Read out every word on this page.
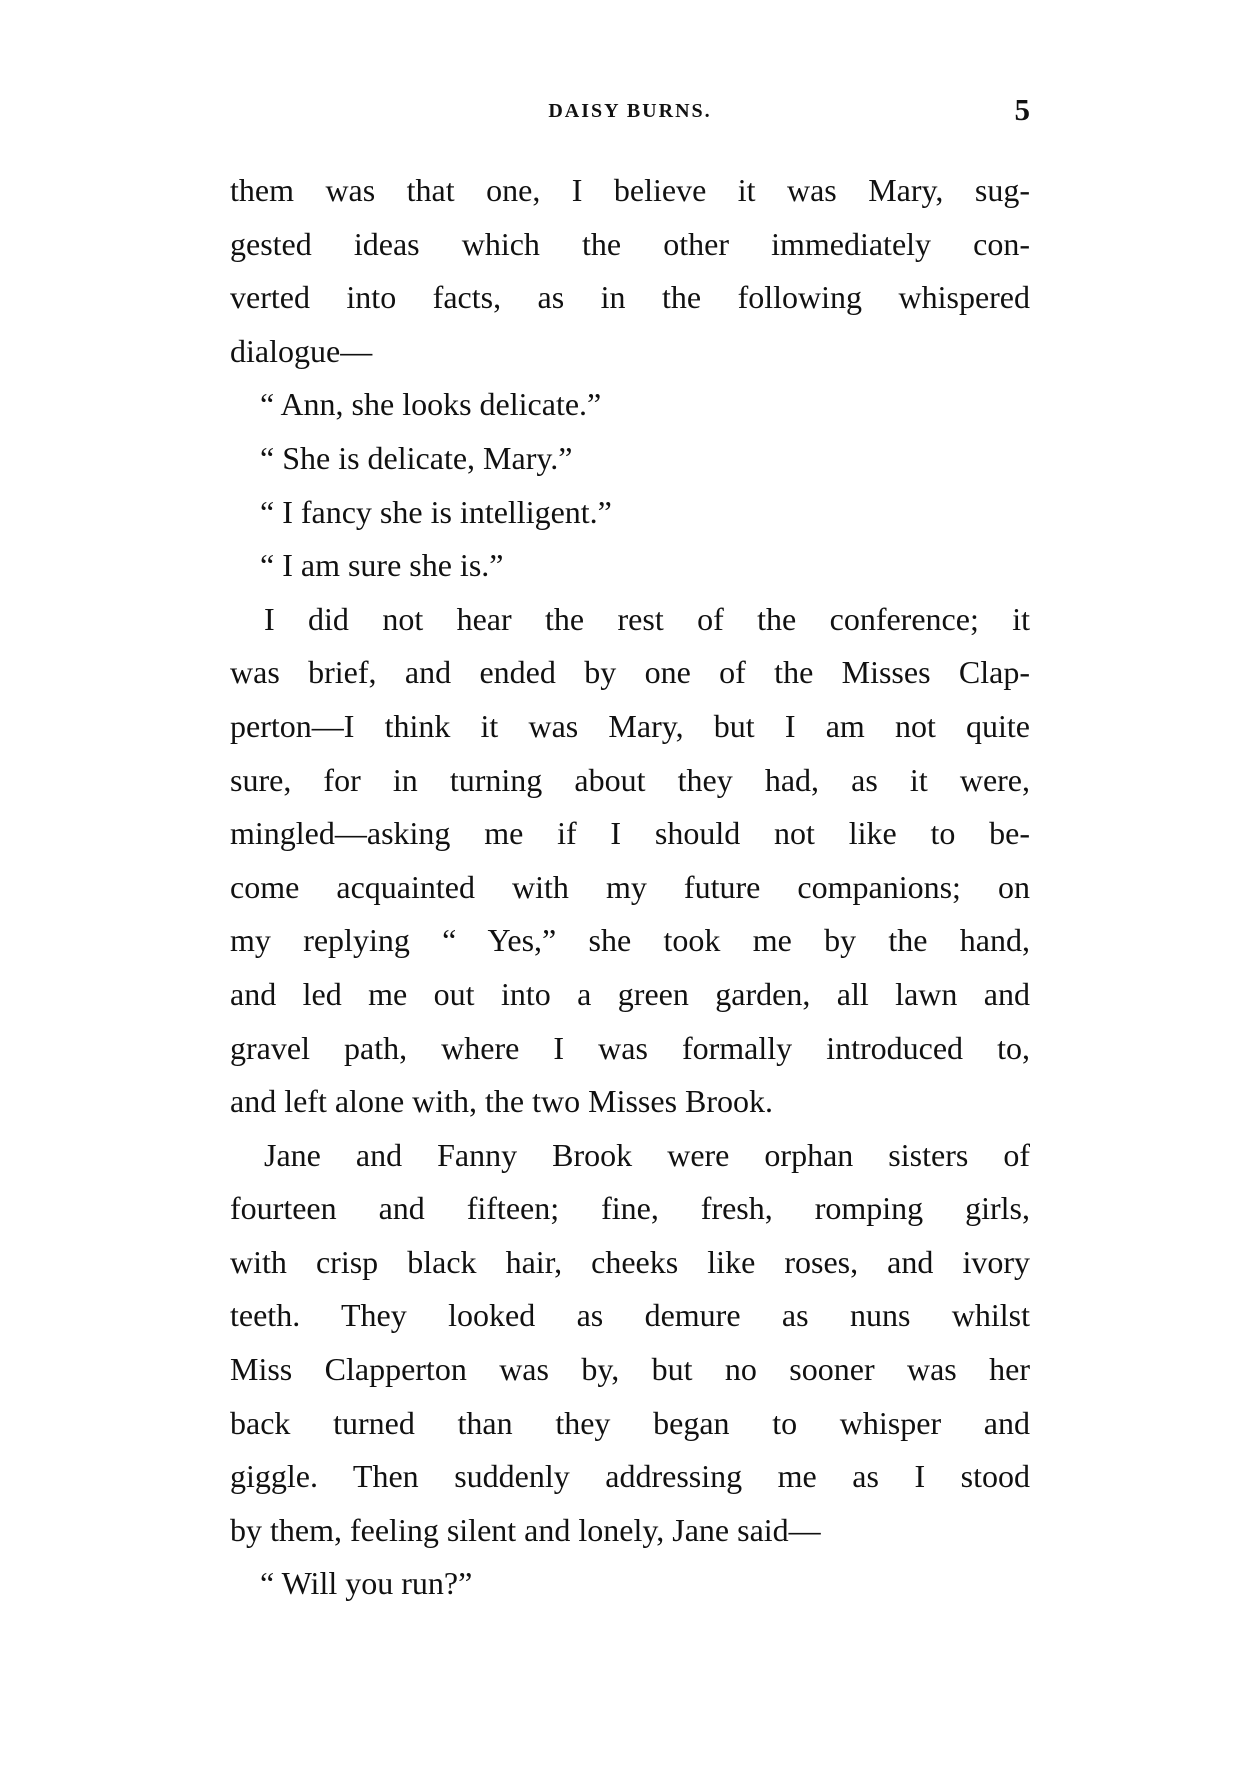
DAISY BURNS.	5
them was that one, I believe it was Mary, sug-
gested ideas which the other immediately con-
verted into facts, as in the following whispered
dialogue—
“ Ann, she looks delicate.”
“ She is delicate, Mary.”
“ I fancy she is intelligent.”
“ I am sure she is.”
I did not hear the rest of the conference; it
was brief, and ended by one of the Misses Clap-
perton—I think it was Mary, but I am not quite
sure, for in turning about they had, as it were,
mingled—asking me if I should not like to be-
come acquainted with my future companions; on
my replying “ Yes,” she took me by the hand,
and led me out into a green garden, all lawn and
gravel path, where I was formally introduced to,
and left alone with, the two Misses Brook.
Jane and Fanny Brook were orphan sisters of
fourteen and fifteen; fine, fresh, romping girls,
with crisp black hair, cheeks like roses, and ivory
teeth. They looked as demure as nuns whilst
Miss Clapperton was by, but no sooner was her
back turned than they began to whisper and
giggle. Then suddenly addressing me as I stood
by them, feeling silent and lonely, Jane said—
“ Will you run?”
